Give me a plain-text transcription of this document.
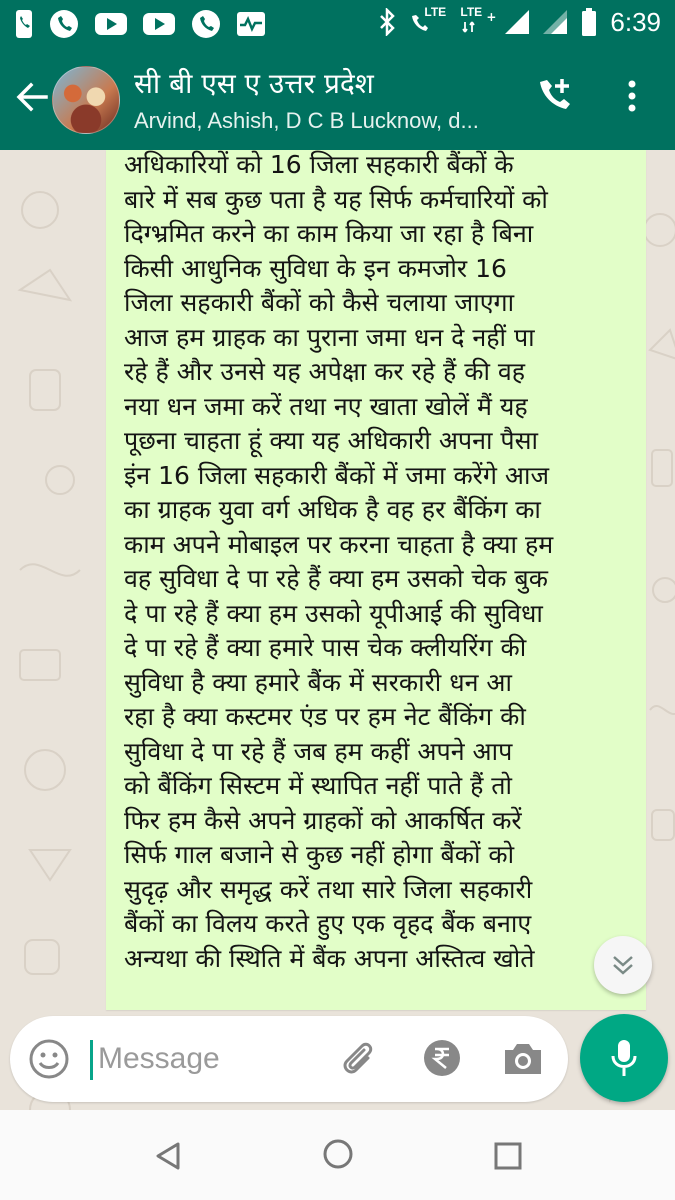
LTE LTE +	6:39
सी बी एस ए उत्तर प्रदेश
Arvind, Ashish, D C B Lucknow, d...
अधिकारियों को 16 जिला सहकारी बैंकों के
बारे में सब कुछ पता है यह सिर्फ कर्मचारियों को
दिग्भ्रमित करने का काम किया जा रहा है बिना
किसी आधुनिक सुविधा के इन कमजोर 16
जिला सहकारी बैंकों को कैसे चलाया जाएगा
आज हम ग्राहक का पुराना जमा धन दे नहीं पा
रहे हैं और उनसे यह अपेक्षा कर रहे हैं की वह
नया धन जमा करें तथा नए खाता खोलें मैं यह
पूछना चाहता हूं क्या यह अधिकारी अपना पैसा
इंन 16 जिला सहकारी बैंकों में जमा करेंगे आज
का ग्राहक युवा वर्ग अधिक है वह हर बैंकिंग का
काम अपने मोबाइल पर करना चाहता है क्या हम
वह सुविधा दे पा रहे हैं क्या हम उसको चेक बुक
दे पा रहे हैं क्या हम उसको यूपीआई की सुविधा
दे पा रहे हैं क्या हमारे पास चेक क्लीयरिंग की
सुविधा है क्या हमारे बैंक में सरकारी धन आ
रहा है क्या कस्टमर एंड पर हम नेट बैंकिंग की
सुविधा दे पा रहे हैं जब हम कहीं अपने आप
को बैंकिंग सिस्टम में स्थापित नहीं पाते हैं तो
फिर हम कैसे अपने ग्राहकों को आकर्षित करें
सिर्फ गाल बजाने से कुछ नहीं होगा बैंकों को
सुदृढ़ और समृद्ध करें तथा सारे जिला सहकारी
बैंकों का विलय करते हुए एक वृहद बैंक बनाए
अन्यथा की स्थिति में बैंक अपना अस्तित्व खोते
Message
